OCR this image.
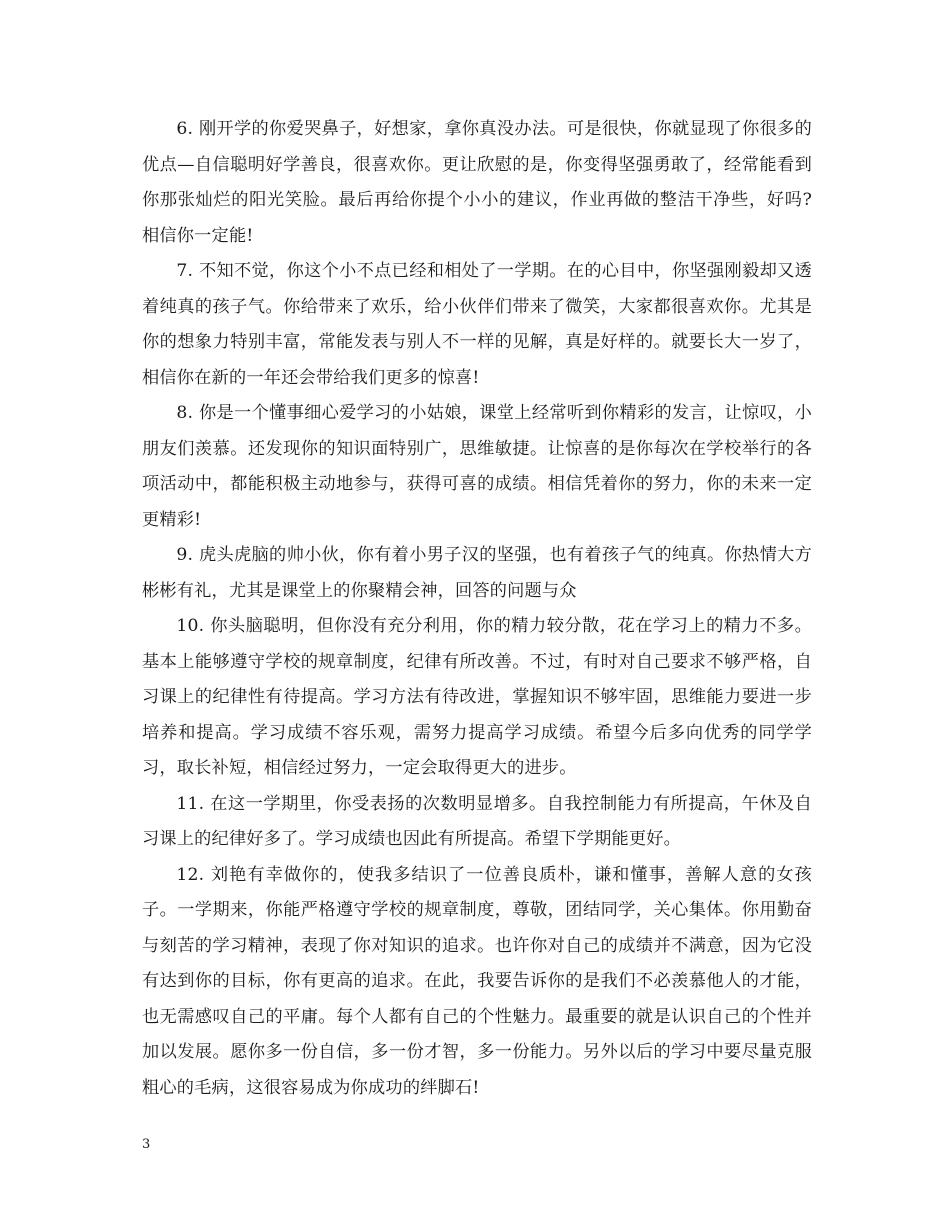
6. 刚开学的你爱哭鼻子，好想家，拿你真没办法。可是很快，你就显现了你很多的优点—自信聪明好学善良，很喜欢你。更让欣慰的是，你变得坚强勇敢了，经常能看到你那张灿烂的阳光笑脸。最后再给你提个小小的建议，作业再做的整洁干净些，好吗?相信你一定能!

7. 不知不觉，你这个小不点已经和相处了一学期。在的心目中，你坚强刚毅却又透着纯真的孩子气。你给带来了欢乐，给小伙伴们带来了微笑，大家都很喜欢你。尤其是你的想象力特别丰富，常能发表与别人不一样的见解，真是好样的。就要长大一岁了，相信你在新的一年还会带给我们更多的惊喜!

8. 你是一个懂事细心爱学习的小姑娘，课堂上经常听到你精彩的发言，让惊叹，小朋友们羡慕。还发现你的知识面特别广，思维敏捷。让惊喜的是你每次在学校举行的各项活动中，都能积极主动地参与，获得可喜的成绩。相信凭着你的努力，你的未来一定更精彩!

9. 虎头虎脑的帅小伙，你有着小男子汉的坚强，也有着孩子气的纯真。你热情大方彬彬有礼，尤其是课堂上的你聚精会神，回答的问题与众

10. 你头脑聪明，但你没有充分利用，你的精力较分散，花在学习上的精力不多。基本上能够遵守学校的规章制度，纪律有所改善。不过，有时对自己要求不够严格，自习课上的纪律性有待提高。学习方法有待改进，掌握知识不够牢固，思维能力要进一步培养和提高。学习成绩不容乐观，需努力提高学习成绩。希望今后多向优秀的同学学习，取长补短，相信经过努力，一定会取得更大的进步。

11. 在这一学期里，你受表扬的次数明显增多。自我控制能力有所提高，午休及自习课上的纪律好多了。学习成绩也因此有所提高。希望下学期能更好。

12. 刘艳有幸做你的，使我多结识了一位善良质朴，谦和懂事，善解人意的女孩子。一学期来，你能严格遵守学校的规章制度，尊敬，团结同学，关心集体。你用勤奋与刻苦的学习精神，表现了你对知识的追求。也许你对自己的成绩并不满意，因为它没有达到你的目标，你有更高的追求。在此，我要告诉你的是我们不必羡慕他人的才能，也无需感叹自己的平庸。每个人都有自己的个性魅力。最重要的就是认识自己的个性并加以发展。愿你多一份自信，多一份才智，多一份能力。另外以后的学习中要尽量克服粗心的毛病，这很容易成为你成功的绊脚石!

3
